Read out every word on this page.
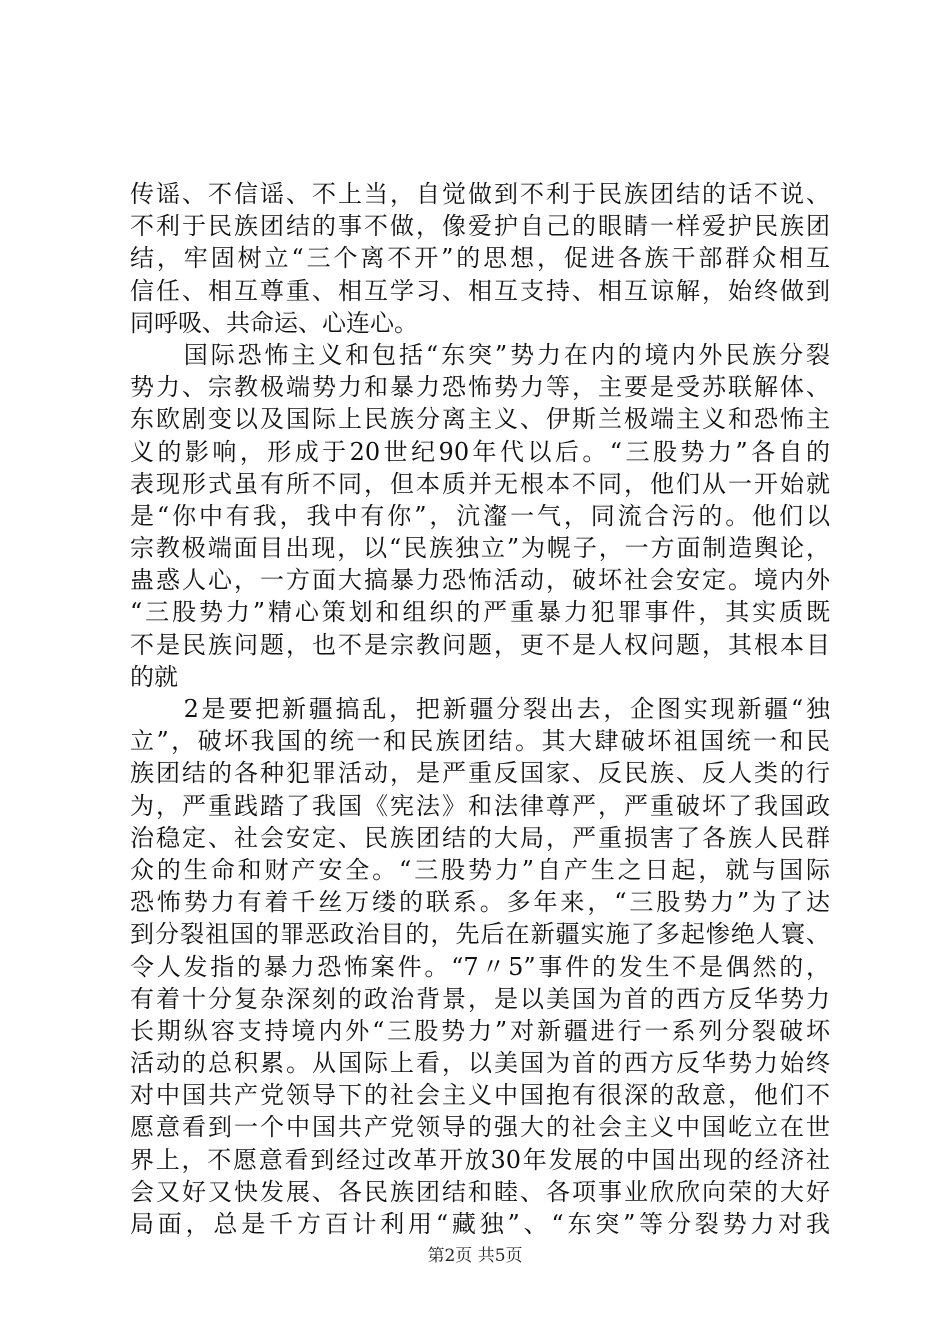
传谣、不信谣、不上当，自觉做到不利于民族团结的话不说、
不利于民族团结的事不做，像爱护自己的眼睛一样爱护民族团
结，牢固树立“三个离不开”的思想，促进各族干部群众相互
信任、相互尊重、相互学习、相互支持、相互谅解，始终做到
同呼吸、共命运、心连心。
　　国际恐怖主义和包括“东突”势力在内的境内外民族分裂
势力、宗教极端势力和暴力恐怖势力等，主要是受苏联解体、
东欧剧变以及国际上民族分离主义、伊斯兰极端主义和恐怖主
义的影响，形成于20世纪90年代以后。“三股势力”各自的
表现形式虽有所不同，但本质并无根本不同，他们从一开始就
是“你中有我，我中有你”，沆瀣一气，同流合污的。他们以
宗教极端面目出现，以“民族独立”为幌子，一方面制造舆论，
蛊惑人心，一方面大搞暴力恐怖活动，破坏社会安定。境内外
“三股势力”精心策划和组织的严重暴力犯罪事件，其实质既
不是民族问题，也不是宗教问题，更不是人权问题，其根本目
的就
　　2是要把新疆搞乱，把新疆分裂出去，企图实现新疆“独
立”，破坏我国的统一和民族团结。其大肆破坏祖国统一和民
族团结的各种犯罪活动，是严重反国家、反民族、反人类的行
为，严重践踏了我国《宪法》和法律尊严，严重破坏了我国政
治稳定、社会安定、民族团结的大局，严重损害了各族人民群
众的生命和财产安全。“三股势力”自产生之日起，就与国际
恐怖势力有着千丝万缕的联系。多年来，“三股势力”为了达
到分裂祖国的罪恶政治目的，先后在新疆实施了多起惨绝人寰、
令人发指的暴力恐怖案件。“7〃5”事件的发生不是偶然的，
有着十分复杂深刻的政治背景，是以美国为首的西方反华势力
长期纵容支持境内外“三股势力”对新疆进行一系列分裂破坏
活动的总积累。从国际上看，以美国为首的西方反华势力始终
对中国共产党领导下的社会主义中国抱有很深的敌意，他们不
愿意看到一个中国共产党领导的强大的社会主义中国屹立在世
界上，不愿意看到经过改革开放30年发展的中国出现的经济社
会又好又快发展、各民族团结和睦、各项事业欣欣向荣的大好
局面，总是千方百计利用“藏独”、“东突”等分裂势力对我
第2页 共5页
